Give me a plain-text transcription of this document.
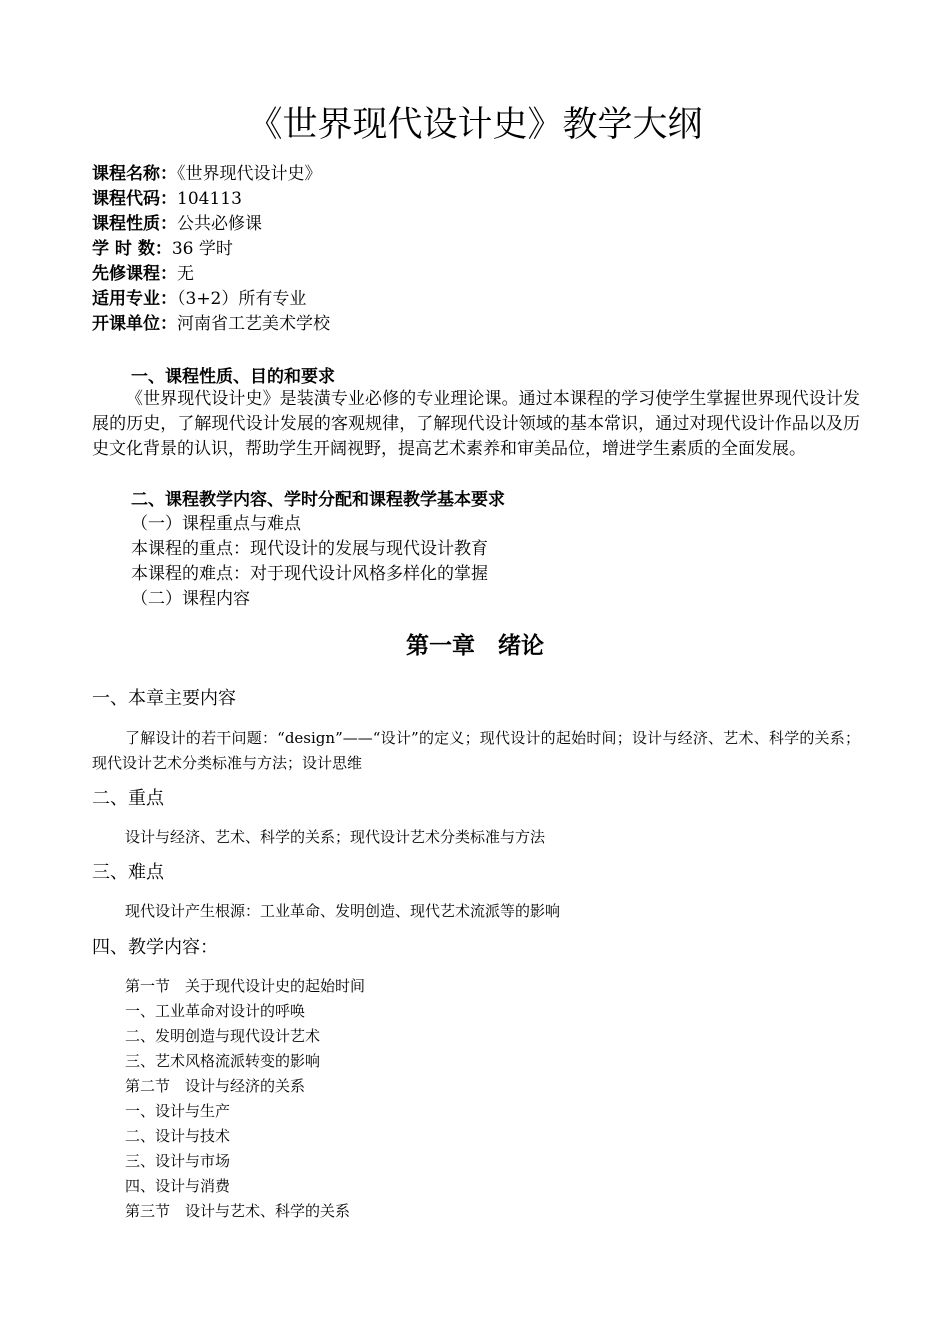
《世界现代设计史》教学大纲
课程名称：《世界现代设计史》
课程代码：104113
课程性质：公共必修课
学 时 数：36 学时
先修课程：无
适用专业：（3+2）所有专业
开课单位：河南省工艺美术学校
一、课程性质、目的和要求
《世界现代设计史》是装潢专业必修的专业理论课。通过本课程的学习使学生掌握世界现代设计发展的历史，了解现代设计发展的客观规律，了解现代设计领域的基本常识，通过对现代设计作品以及历史文化背景的认识，帮助学生开阔视野，提高艺术素养和审美品位，增进学生素质的全面发展。
二、课程教学内容、学时分配和课程教学基本要求
（一）课程重点与难点
本课程的重点：现代设计的发展与现代设计教育
本课程的难点：对于现代设计风格多样化的掌握
（二）课程内容
第一章　绪论
一、本章主要内容
了解设计的若干问题：“design”——“设计”的定义；现代设计的起始时间；设计与经济、艺术、科学的关系；现代设计艺术分类标准与方法；设计思维
二、重点
设计与经济、艺术、科学的关系；现代设计艺术分类标准与方法
三、难点
现代设计产生根源：工业革命、发明创造、现代艺术流派等的影响
四、教学内容：
第一节　关于现代设计史的起始时间
一、工业革命对设计的呼唤
二、发明创造与现代设计艺术
三、艺术风格流派转变的影响
第二节　设计与经济的关系
一、设计与生产
二、设计与技术
三、设计与市场
四、设计与消费
第三节　设计与艺术、科学的关系
